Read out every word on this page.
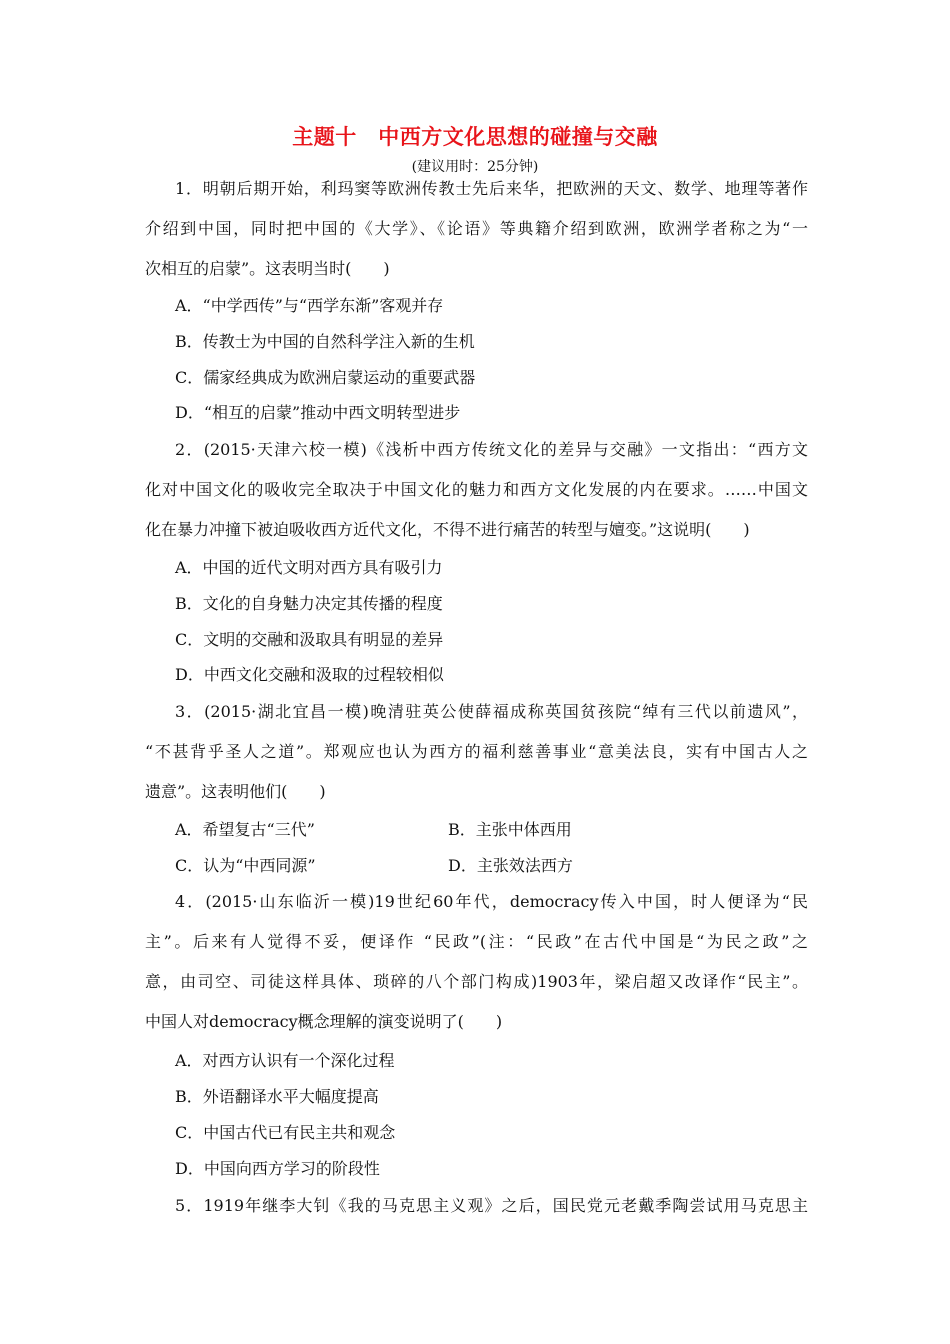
主题十　中西方文化思想的碰撞与交融
(建议用时：25分钟)
1．明朝后期开始，利玛窦等欧洲传教士先后来华，把欧洲的天文、数学、地理等著作
介绍到中国，同时把中国的《大学》、《论语》等典籍介绍到欧洲，欧洲学者称之为“一
次相互的启蒙”。这表明当时(　　)
A．“中学西传”与“西学东渐”客观并存
B．传教士为中国的自然科学注入新的生机
C．儒家经典成为欧洲启蒙运动的重要武器
D．“相互的启蒙”推动中西文明转型进步
2．(2015·天津六校一模)《浅析中西方传统文化的差异与交融》一文指出：“西方文
化对中国文化的吸收完全取决于中国文化的魅力和西方文化发展的内在要求。……中国文
化在暴力冲撞下被迫吸收西方近代文化，不得不进行痛苦的转型与嬗变。”这说明(　　)
A．中国的近代文明对西方具有吸引力
B．文化的自身魅力决定其传播的程度
C．文明的交融和汲取具有明显的差异
D．中西文化交融和汲取的过程较相似
3．(2015·湖北宜昌一模)晚清驻英公使薛福成称英国贫孩院“绰有三代以前遗风”，
“不甚背乎圣人之道”。郑观应也认为西方的福利慈善事业“意美法良，实有中国古人之
遗意”。这表明他们(　　)
A．希望复古“三代”	B．主张中体西用
C．认为“中西同源”	D．主张效法西方
4．(2015·山东临沂一模)19世纪60年代，democracy传入中国，时人便译为“民
主”。后来有人觉得不妥，便译作 “民政”(注：“民政”在古代中国是“为民之政”之
意，由司空、司徒这样具体、琐碎的八个部门构成)1903年，梁启超又改译作“民主”。
中国人对democracy概念理解的演变说明了(　　)
A．对西方认识有一个深化过程
B．外语翻译水平大幅度提高
C．中国古代已有民主共和观念
D．中国向西方学习的阶段性
5．1919年继李大钊《我的马克思主义观》之后，国民党元老戴季陶尝试用马克思主
